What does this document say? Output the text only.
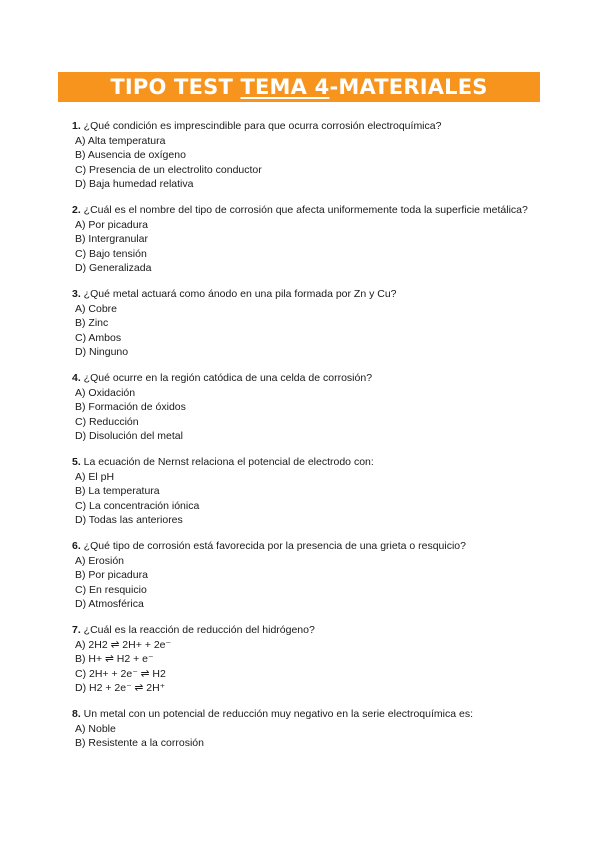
TIPO TEST TEMA 4-MATERIALES

1. ¿Qué condición es imprescindible para que ocurra corrosión electroquímica?

A) Alta temperatura
B) Ausencia de oxígeno
C) Presencia de un electrolito conductor
D) Baja humedad relativa

2. ¿Cuál es el nombre del tipo de corrosión que afecta uniformemente toda la superficie metálica?

A) Por picadura
B) Intergranular
C) Bajo tensión
D) Generalizada

3. ¿Qué metal actuará como ánodo en una pila formada por Zn y Cu?

A) Cobre
B) Zinc
C) Ambos
D) Ninguno

4. ¿Qué ocurre en la región catódica de una celda de corrosión?

A) Oxidación
B) Formación de óxidos
C) Reducción
D) Disolución del metal

5. La ecuación de Nernst relaciona el potencial de electrodo con:

A) El pH
B) La temperatura
C) La concentración iónica
D) Todas las anteriores

6. ¿Qué tipo de corrosión está favorecida por la presencia de una grieta o resquicio?

A) Erosión
B) Por picadura
C) En resquicio
D) Atmosférica

7. ¿Cuál es la reacción de reducción del hidrógeno?

A) 2H2 ⇌ 2H+ + 2e⁻
B) H+ ⇌ H2 + e⁻
C) 2H+ + 2e⁻ ⇌ H2
D) H2 + 2e⁻ ⇌ 2H⁺

8. Un metal con un potencial de reducción muy negativo en la serie electroquímica es:

A) Noble
B) Resistente a la corrosión
